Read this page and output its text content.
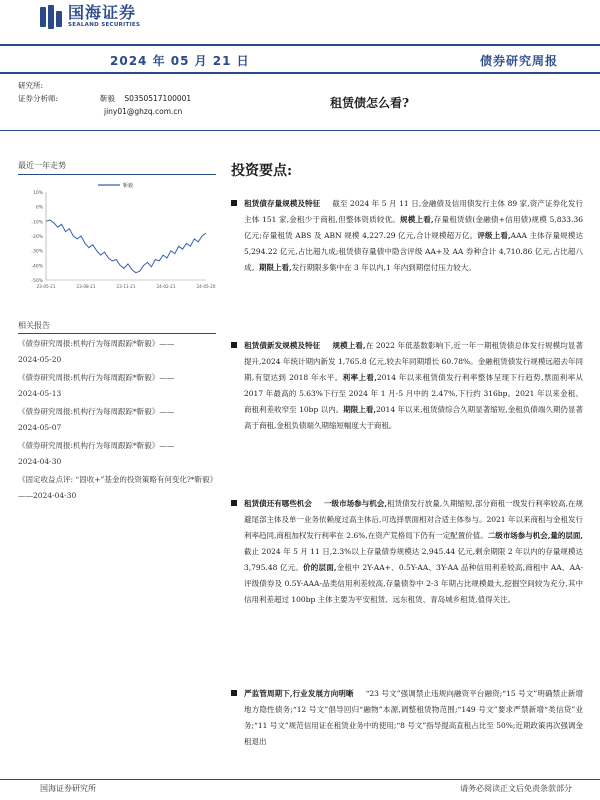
国海证券
SEALAND SECURITIES
2024 年 05 月 21 日	债券研究周报
研究所:
证券分析师:	靳毅 S0350517100001
jiny01@ghzq.com.cn
租赁债怎么看?
最近一年走势
10%
0%
-10%
-20%
-30%
-40%
-50%
23-05-21	23-08-21	23-11-21	24-02-21	24-05-20
靳毅
相关报告
《债券研究周报:机构行为每周跟踪*靳毅》——
2024-05-20
《债券研究周报:机构行为每周跟踪*靳毅》——
2024-05-13
《债券研究周报:机构行为每周跟踪*靳毅》——
2024-05-07
《债券研究周报:机构行为每周跟踪*靳毅》——
2024-04-30
《固定收益点评: “固收+”基金的投资策略有何变化?*靳毅》——2024-04-30
投资要点:

租赁债存量规模及特征 截至 2024 年 5 月 11 日,金融债及信用债发行主体 89 家,资产证券化发行主体 151 家,金租少于商租,但整体资质较优。规模上看,存量租赁债(金融债+信用债)规模 5,833.36 亿元;存量租赁 ABS 及 ABN 规模 4,227.29 亿元,合计规模超万亿。评级上看,AAA 主体存量规模达 5,294.22 亿元,占比超九成;租赁债存量债中隐含评级 AA+及 AA 券种合计 4,710.86 亿元,占比超八成。期限上看,发行期限多集中在 3 年以内,1 年内到期偿付压力较大。

租赁债新发规模及特征 规模上看,在 2022 年低基数影响下,近一年一期租赁债总体发行规模均显著提升,2024 年统计期内新发 1,765.8 亿元,较去年同期增长 60.78%。金融租赁债发行规模远超去年同期,有望达到 2018 年水平。利率上看,2014 年以来租赁债发行利率整体呈现下行趋势,票面利率从 2017 年最高的 5.63%下行至 2024 年 1 月-5 月中的 2.47%,下行约 316bp。2021 年以来金租、商租利差收窄至 10bp 以内。期限上看,2014 年以来,租赁债综合久期显著缩短,金租负债端久期仍显著高于商租,金租负债端久期缩短幅度大于商租。

租赁债还有哪些机会 一级市场参与机会,租赁债发行放量,久期缩短,部分商租一级发行利率较高,在规避尾部主体及单一业务依赖度过高主体后,可选择票面相对合适主体参与。2021 年以来商租与金租发行利率趋同,商租加权发行利率在 2.6%,在资产荒格局下仍有一定配置价值。二级市场参与机会,量的层面,截止 2024 年 5 月 11 日,2.3%以上存量债券规模达 2,945.44 亿元,剩余期限 2 年以内的存量规模达 3,795.48 亿元。价的层面,金租中 2Y-AA+、0.5Y-AA、3Y-AA 品种信用利差较高,商租中 AA、AA-评级债券及 0.5Y-AAA-品类信用利差较高,存量债券中 2-3 年期占比规模最大,挖掘空间较为充分,其中信用利差超过 100bp 主体主要为平安租赁、远东租赁、青岛城乡租赁,值得关注。

严监管周期下,行业发展方向明晰 “23 号文”强调禁止违规向融资平台融资;“15 号文”明确禁止新增地方隐性债务;“12 号文”倡导回归“融物”本源,调整租赁物范围;“149 号文”要求严禁新增“类信贷”业务;“11 号文”规范信用证在租赁业务中的使用;“8 号文”指导提高直租占比至 50%;近期政策再次强调金租退出

国海证券研究所	请务必阅读正文后免责条款部分
